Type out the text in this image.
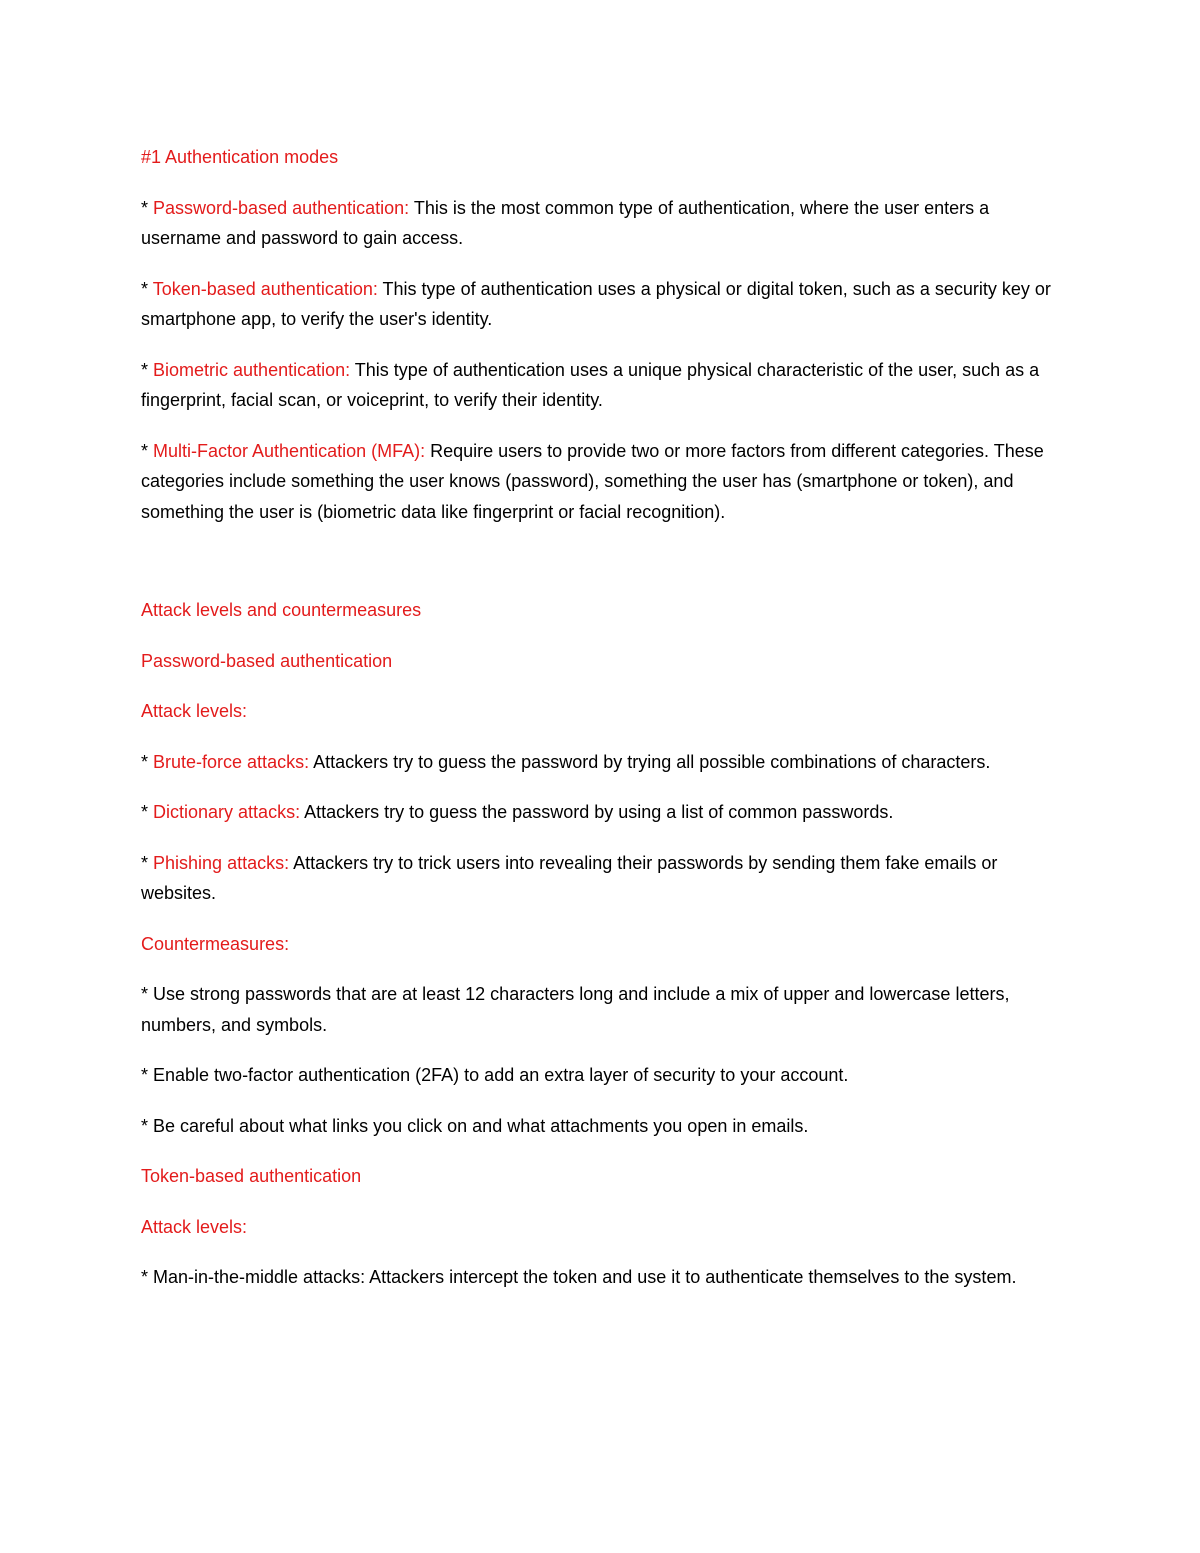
#1 Authentication modes

* Password-based authentication: This is the most common type of authentication, where the user enters a username and password to gain access.

* Token-based authentication: This type of authentication uses a physical or digital token, such as a security key or smartphone app, to verify the user's identity.

* Biometric authentication: This type of authentication uses a unique physical characteristic of the user, such as a fingerprint, facial scan, or voiceprint, to verify their identity.

* Multi-Factor Authentication (MFA): Require users to provide two or more factors from different categories. These categories include something the user knows (password), something the user has (smartphone or token), and something the user is (biometric data like fingerprint or facial recognition).

Attack levels and countermeasures

Password-based authentication

Attack levels:

* Brute-force attacks: Attackers try to guess the password by trying all possible combinations of characters.

* Dictionary attacks: Attackers try to guess the password by using a list of common passwords.

* Phishing attacks: Attackers try to trick users into revealing their passwords by sending them fake emails or websites.

Countermeasures:

* Use strong passwords that are at least 12 characters long and include a mix of upper and lowercase letters, numbers, and symbols.

* Enable two-factor authentication (2FA) to add an extra layer of security to your account.

* Be careful about what links you click on and what attachments you open in emails.

Token-based authentication

Attack levels:

* Man-in-the-middle attacks: Attackers intercept the token and use it to authenticate themselves to the system.
